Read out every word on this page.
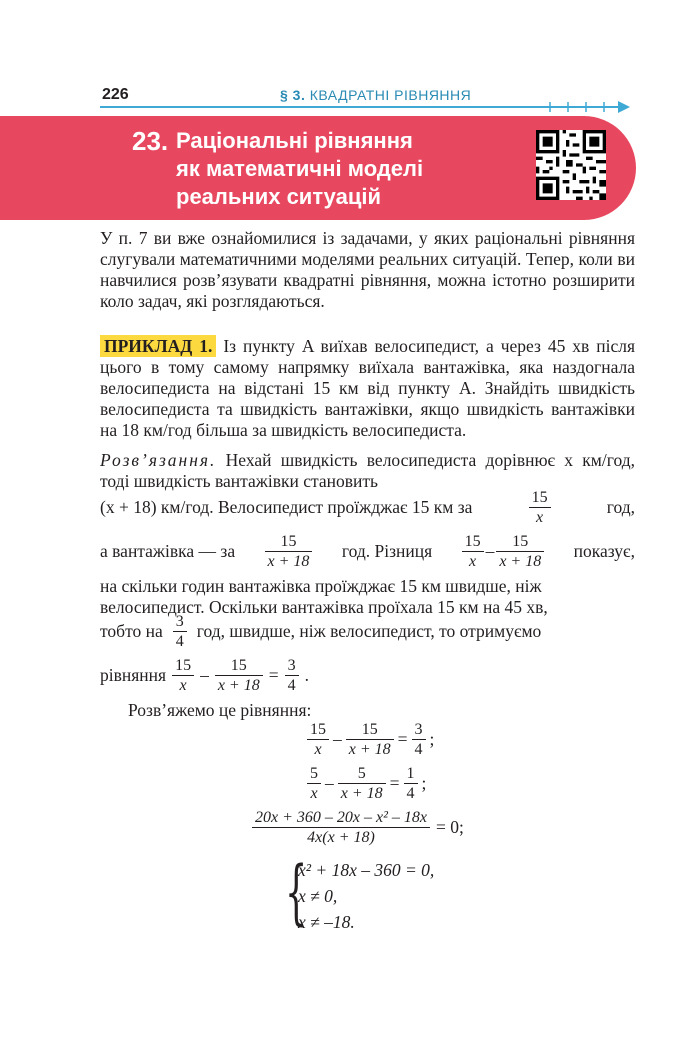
226	§ 3. КВАДРАТНІ РІВНЯННЯ
23. Раціональні рівняння
як математичні моделі
реальних ситуацій
У п. 7 ви вже ознайомилися із задачами, у яких раціональні рівняння слугували математичними моделями реальних ситуацій. Тепер, коли ви навчилися розв’язувати квадратні рівняння, можна істотно розширити коло задач, які розглядаються.
ПРИКЛАД 1. Із пункту A виїхав велосипедист, а через 45 хв після цього в тому самому напрямку виїхала вантажівка, яка наздогнала велосипедиста на відстані 15 км від пункту A. Знайдіть швидкість велосипедиста та швидкість вантажівки, якщо швидкість вантажівки на 18 км/год більша за швидкість велосипедиста.
Розв’язання. Нехай швидкість велосипедиста дорівнює x км/год, тоді швидкість вантажівки становить
(x + 18) км/год. Велосипедист проїжджає 15 км за	$\frac{15}{x}$	год,
а вантажівка — за $\frac{15}{x + 18}$ год. Різниця $\frac{15}{x} - \frac{15}{x + 18}$ показує,
на скільки годин вантажівка проїжджає 15 км швидше, ніж
велосипедист. Оскільки вантажівка проїхала 15 км на 45 хв,
тобто на $\frac{3}{4}$ год, швидше, ніж велосипедист, то отримуємо
рівняння $\frac{15}{x} - \frac{15}{x + 18} = \frac{3}{4}$ .
Розв’яжемо це рівняння:
$\frac{15}{x} - \frac{15}{x + 18} = \frac{3}{4}$ ;
$\frac{5}{x} - \frac{5}{x + 18} = \frac{1}{4}$ ;
$\frac{\text{20x + 360 – 20x – x² – 18x}}{4x(x + 18)} = 0$;
{
x² + 18x – 360 = 0,
x ≠ 0,
x ≠ –18.
